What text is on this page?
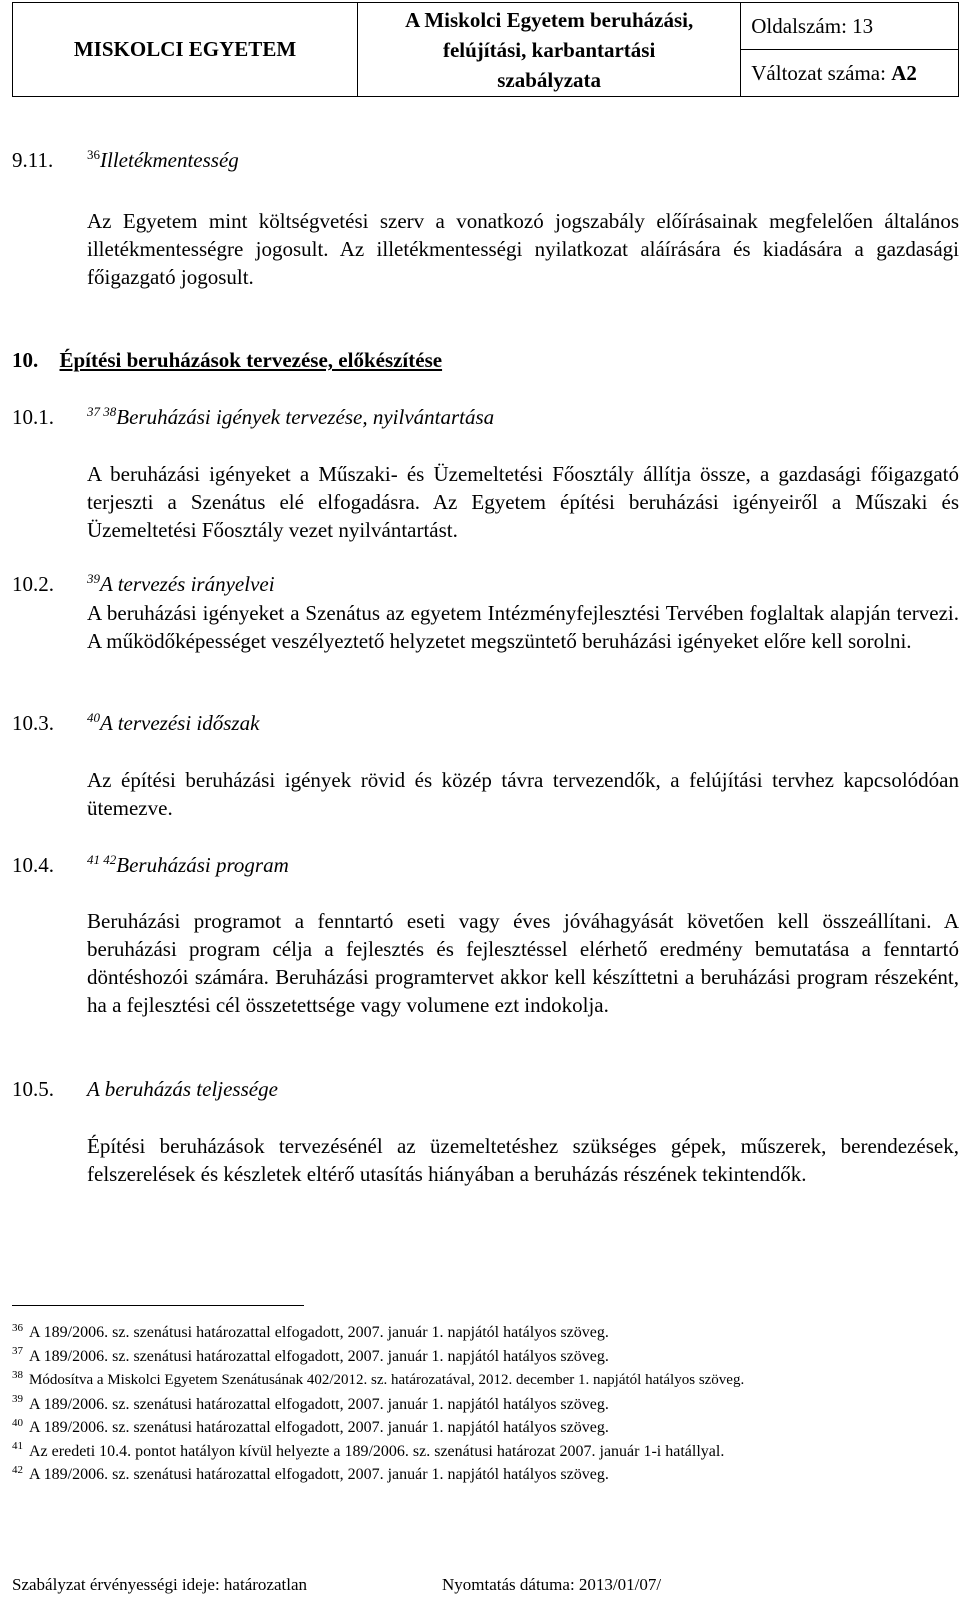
MISKOLCI EGYETEM	
A Miskolci Egyetem beruházási,
felújítási, karbantartási
szabályzata
	Oldalszám: 13
Változat száma: A2
9.11.	$^{36}$Illetékmentesség

Az Egyetem mint költségvetési szerv a vonatkozó jogszabály előírásainak megfelelően általános illetékmentességre jogosult. Az illetékmentességi nyilatkozat aláírására és kiadására a gazdasági főigazgató jogosult.

10. Építési beruházások tervezése, előkészítése
10.1.	$^{37 38}$Beruházási igények tervezése, nyilvántartása

A beruházási igényeket a Műszaki- és Üzemeltetési Főosztály állítja össze, a gazdasági főigazgató terjeszti a Szenátus elé elfogadásra. Az Egyetem építési beruházási igényeiről a Műszaki és Üzemeltetési Főosztály vezet nyilvántartást.

10.2.	$^{39}$A tervezés irányelvei

A beruházási igényeket a Szenátus az egyetem Intézményfejlesztési Tervében foglaltak alapján tervezi. A működőképességet veszélyeztető helyzetet megszüntető beruházási igényeket előre kell sorolni.

10.3.	$^{40}$A tervezési időszak

Az építési beruházási igények rövid és közép távra tervezendők, a felújítási tervhez kapcsolódóan ütemezve.

10.4.	$^{41 42}$Beruházási program

Beruházási programot a fenntartó eseti vagy éves jóváhagyását követően kell összeállítani. A beruházási program célja a fejlesztés és fejlesztéssel elérhető eredmény bemutatása a fenntartó döntéshozói számára. Beruházási programtervet akkor kell készíttetni a beruházási program részeként, ha a fejlesztési cél összetettsége vagy volumene ezt indokolja.

10.5. A beruházás teljessége

Építési beruházások tervezésénél az üzemeltetéshez szükséges gépek, műszerek, berendezések, felszerelések és készletek eltérő utasítás hiányában a beruházás részének tekintendők.

$^{36}$ A 189/2006. sz. szenátusi határozattal elfogadott, 2007. január 1. napjától hatályos szöveg.
$^{37}$ A 189/2006. sz. szenátusi határozattal elfogadott, 2007. január 1. napjától hatályos szöveg.
$^{38}$ Módosítva a Miskolci Egyetem Szenátusának 402/2012. sz. határozatával, 2012. december 1. napjától hatályos szöveg.
$^{39}$ A 189/2006. sz. szenátusi határozattal elfogadott, 2007. január 1. napjától hatályos szöveg.
$^{40}$ A 189/2006. sz. szenátusi határozattal elfogadott, 2007. január 1. napjától hatályos szöveg.
$^{41}$ Az eredeti 10.4. pontot hatályon kívül helyezte a 189/2006. sz. szenátusi határozat 2007. január 1-i hatállyal.
$^{42}$ A 189/2006. sz. szenátusi határozattal elfogadott, 2007. január 1. napjától hatályos szöveg.
Szabályzat érvényességi ideje: határozatlan	Nyomtatás dátuma: 2013/01/07/
